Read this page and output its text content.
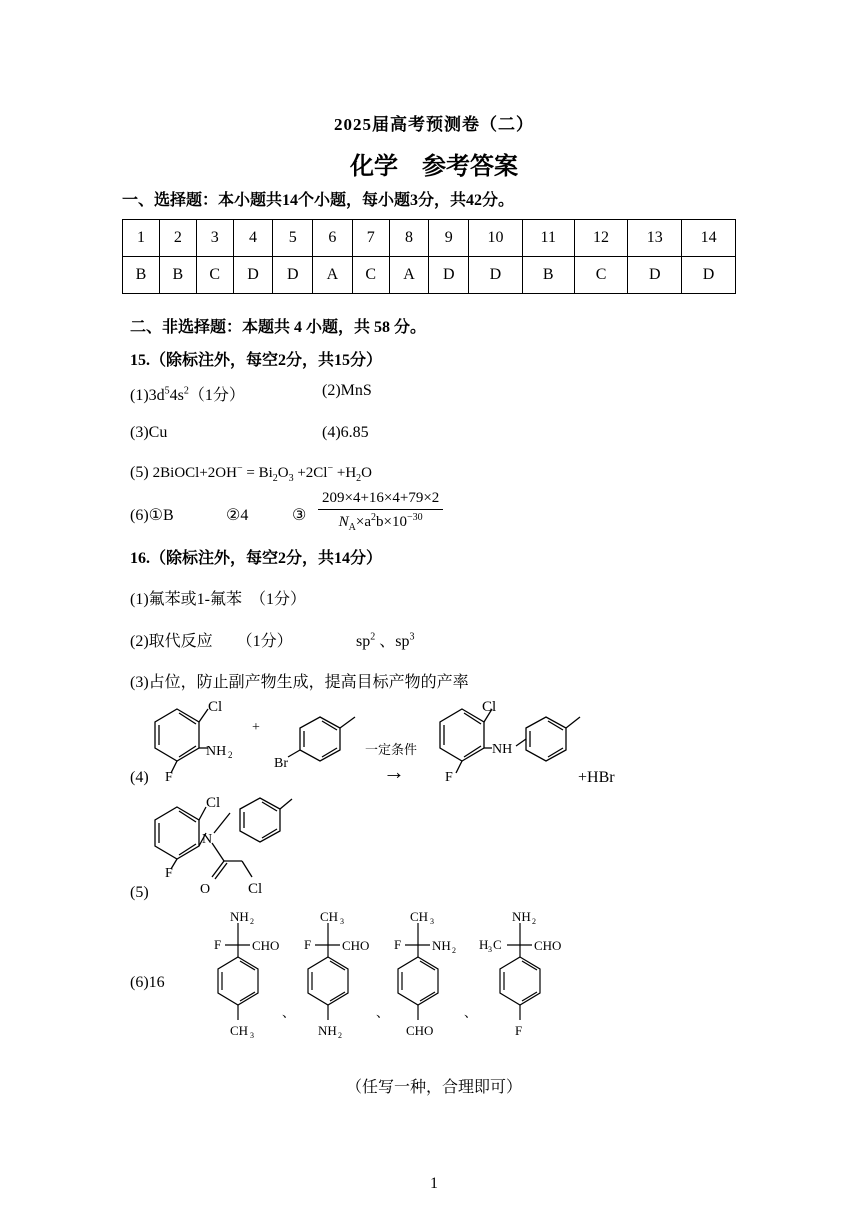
2025届高考预测卷（二）
化学　参考答案
一、选择题：本小题共14个小题，每小题3分，共42分。
1	2	3	4	5	6	7	8	9	10	11	12	13	14
B	B	C	D	D	A	C	A	D	D	B	C	D	D
二、非选择题：本题共 4 小题，共 58 分。
15.（除标注外，每空2分，共15分）
$(1)3d^54s^2(1$分）	(2)MnS
(3)Cu	(4)6.85
(5) 2BiOCl+2OH− = $Bi_2O_3 +2Cl^- +H_2O$
(6)①B	②4	③ $\frac{209\times 4+16\times 4+79\times 2}{N_A\times a^2b\times 10^{-30}}$
16.（除标注外，每空2分，共14分）
(1)氟苯或1-氟苯　（1分）
(2)取代反应　　（1分）	$sp^2$ 、$sp^3$
(3)占位，防止副产物生成，提高目标产物的产率
(4)
Cl
NH 2
F
+
Br
一定条件
→
Cl
NH
F	+HBr
(5)
Cl
N
F
O	Cl
(6)16
NH 2
F CHO
CH 3
、
CH 3
F CHO
NH 2
、
CH 3
F NH 2
CHO
、
NH 2
H 3 C CHO
F
（任写一种，合理即可）
1
